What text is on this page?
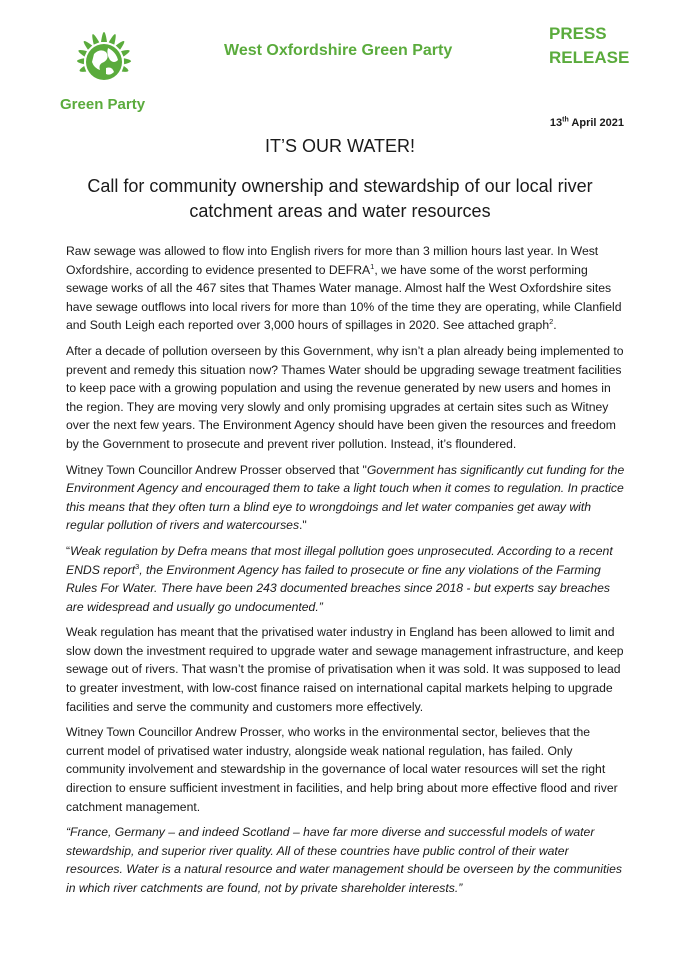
Green Party
West Oxfordshire Green Party
PRESS
RELEASE
13th April 2021
IT’S OUR WATER!
Call for community ownership and stewardship of our local river catchment areas and water resources

Raw sewage was allowed to flow into English rivers for more than 3 million hours last year. In West Oxfordshire, according to evidence presented to DEFRA$^1$, we have some of the worst performing sewage works of all the 467 sites that Thames Water manage. Almost half the West Oxfordshire sites have sewage outflows into local rivers for more than 10% of the time they are operating, while Clanfield and South Leigh each reported over 3,000 hours of spillages in 2020. See attached graph$^2$.

After a decade of pollution overseen by this Government, why isn’t a plan already being implemented to prevent and remedy this situation now? Thames Water should be upgrading sewage treatment facilities to keep pace with a growing population and using the revenue generated by new users and homes in the region. They are moving very slowly and only promising upgrades at certain sites such as Witney over the next few years. The Environment Agency should have been given the resources and freedom by the Government to prosecute and prevent river pollution. Instead, it’s floundered.

Witney Town Councillor Andrew Prosser observed that "Government has significantly cut funding for the Environment Agency and encouraged them to take a light touch when it comes to regulation. In practice this means that they often turn a blind eye to wrongdoings and let water companies get away with regular pollution of rivers and watercourses."

“Weak regulation by Defra means that most illegal pollution goes unprosecuted. According to a recent ENDS report$^3$, the Environment Agency has failed to prosecute or fine any violations of the Farming Rules For Water. There have been 243 documented breaches since 2018 - but experts say breaches are widespread and usually go undocumented.”

Weak regulation has meant that the privatised water industry in England has been allowed to limit and slow down the investment required to upgrade water and sewage management infrastructure, and keep sewage out of rivers. That wasn’t the promise of privatisation when it was sold. It was supposed to lead to greater investment, with low-cost finance raised on international capital markets helping to upgrade facilities and serve the community and customers more effectively.

Witney Town Councillor Andrew Prosser, who works in the environmental sector, believes that the current model of privatised water industry, alongside weak national regulation, has failed. Only community involvement and stewardship in the governance of local water resources will set the right direction to ensure sufficient investment in facilities, and help bring about more effective flood and river catchment management.

“France, Germany – and indeed Scotland – have far more diverse and successful models of water stewardship, and superior river quality. All of these countries have public control of their water resources. Water is a natural resource and water management should be overseen by the communities in which river catchments are found, not by private shareholder interests.”
